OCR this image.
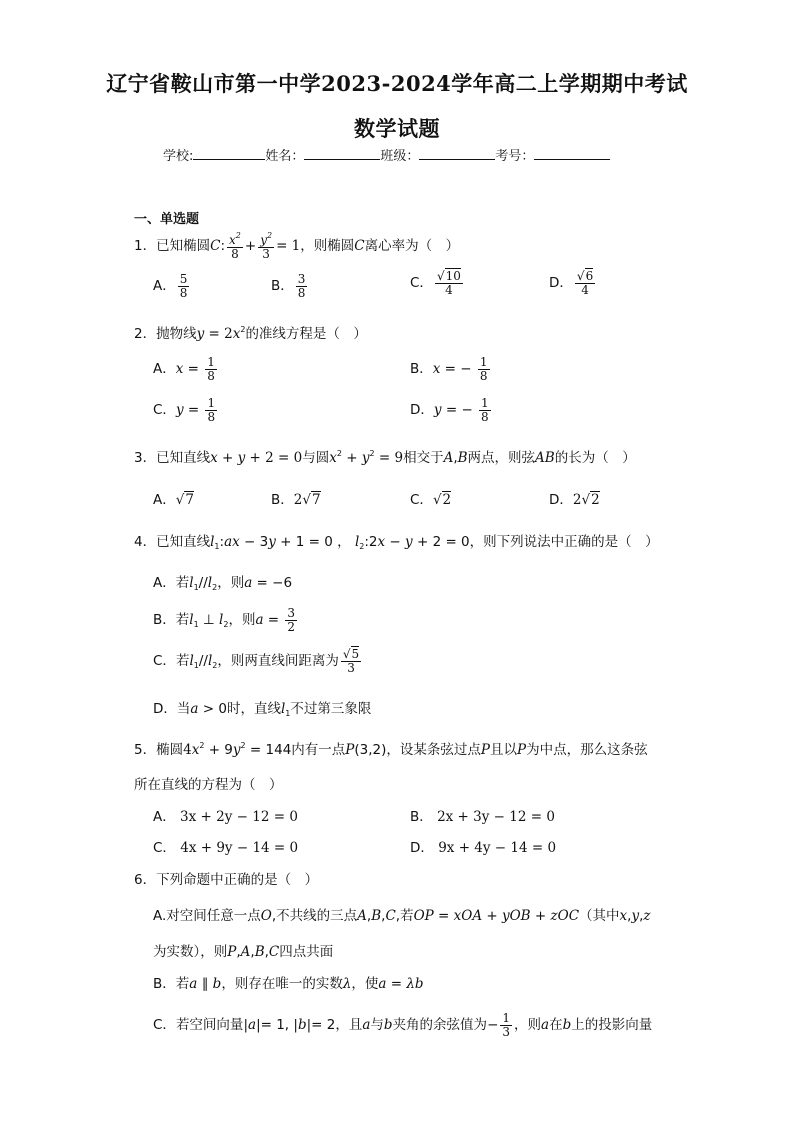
辽宁省鞍山市第一中学2023-2024学年高二上学期期中考试
数学试题
学校:	姓名：	班级：	考号：
一、单选题
1．已知椭圆C: $\frac{x^2}{8} + \frac{y^2}{3} = 1$，则椭圆C离心率为（　）
A． $\frac{5}{8}$	B． $\frac{3}{8}$	C． $\frac{√10}{4}$	D． $\frac{√6}{4}$
2．抛物线$y = 2x^2$的准线方程是（　）
A．$x = \frac{1}{8}$	B．x = − $\frac{1}{8}$
C．$y = \frac{1}{8}$	D．y = − $\frac{1}{8}$
3．已知直线x + y + 2 = 0与圆$x^2 + y^2 = 9$相交于A,B两点，则弦AB的长为（　）
A．√7	B．2√7	C．√2	D．2√2
4．已知直线$l_1:ax - 3y + 1 = 0$ ， $l_2:2x - y + 2 = 0$，则下列说法中正确的是（　）
A．若$l_1//l_2$，则a = −6
B．若$l_1$ ⊥ $l_2$，则$a = \frac{3}{2}$
C．若$l_1//l_2$，则两直线间距离为 $\frac{√5}{3}$
D．当a > 0时，直线$l_1$不过第三象限
5．椭圆$4x^2 + 9y^2 = 144$内有一点P(3,2)，设某条弦过点P且以P为中点，那么这条弦
所在直线的方程为（　）
A． 3x + 2y − 12 = 0	B． 2x + 3y − 12 = 0
C． 4x + 9y − 14 = 0	D． 9x + 4y − 14 = 0
6．下列命题中正确的是（　）
A.对空间任意一点O,不共线的三点A,B,C,若OP = xOA + yOB + zOC（其中x,y,z
为实数），则P,A,B,C四点共面
B．若a ∥ b，则存在唯一的实数λ，使a = λb
C．若空间向量|a|= 1, |b|= 2，且a与b夹角的余弦值为− $\frac{1}{3}$ ，则a在b上的投影向量
